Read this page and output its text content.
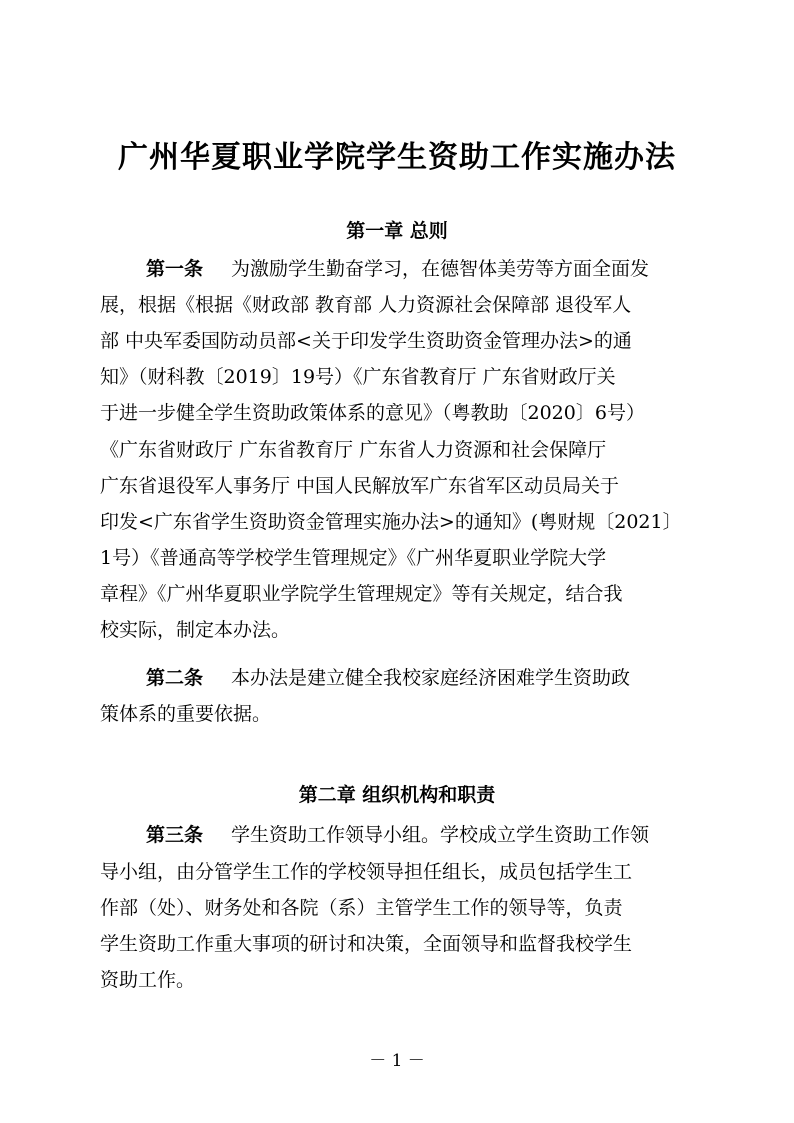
广州华夏职业学院学生资助工作实施办法
第一章 总则
第一条 为激励学生勤奋学习，在德智体美劳等方面全面发
展，根据《根据《财政部 教育部 人力资源社会保障部 退役军人
部 中央军委国防动员部<关于印发学生资助资金管理办法>的通
知》（财科教〔2019〕19号）《广东省教育厅 广东省财政厅关
于进一步健全学生资助政策体系的意见》（粤教助〔2020〕6号）
《广东省财政厅 广东省教育厅 广东省人力资源和社会保障厅
广东省退役军人事务厅 中国人民解放军广东省军区动员局关于
印发<广东省学生资助资金管理实施办法>的通知》(粤财规〔2021〕
1号）《普通高等学校学生管理规定》《广州华夏职业学院大学
章程》《广州华夏职业学院学生管理规定》等有关规定，结合我
校实际，制定本办法。
第二条 本办法是建立健全我校家庭经济困难学生资助政
策体系的重要依据。
第二章 组织机构和职责
第三条 学生资助工作领导小组。学校成立学生资助工作领
导小组，由分管学生工作的学校领导担任组长，成员包括学生工
作部（处）、财务处和各院（系）主管学生工作的领导等，负责
学生资助工作重大事项的研讨和决策，全面领导和监督我校学生
资助工作。
－ 1 －
